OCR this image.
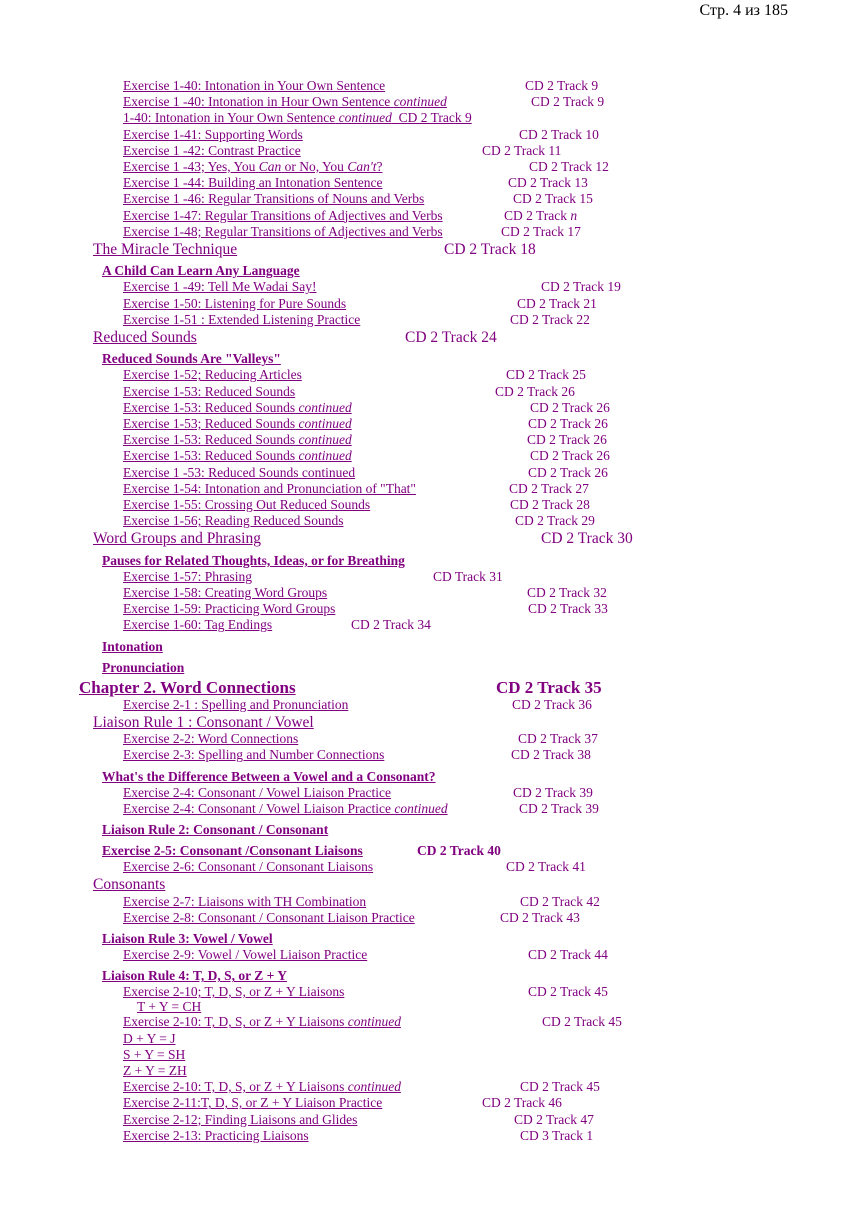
Стр. 4 из 185
Exercise 1-40: Intonation in Your Own Sentence	CD 2 Track 9
Exercise 1 -40: Intonation in Hour Own Sentence continued	CD 2 Track 9
1-40: Intonation in Your Own Sentence continued CD 2 Track 9
Exercise 1-41: Supporting Words	CD 2 Track 10
Exercise 1 -42: Contrast Practice	CD 2 Track 11
Exercise 1 -43; Yes, You Can or No, You Can't?	CD 2 Track 12
Exercise 1 -44: Building an Intonation Sentence	CD 2 Track 13
Exercise 1 -46: Regular Transitions of Nouns and Verbs	CD 2 Track 15
Exercise 1-47: Regular Transitions of Adjectives and Verbs	CD 2 Track n
Exercise 1-48; Regular Transitions of Adjectives and Verbs	CD 2 Track 17
The Miracle Technique	CD 2 Track 18
A Child Can Learn Any Language
Exercise 1 -49: Tell Me Wədai Say!	CD 2 Track 19
Exercise 1-50: Listening for Pure Sounds	CD 2 Track 21
Exercise 1-51 : Extended Listening Practice	CD 2 Track 22
Reduced Sounds	CD 2 Track 24
Reduced Sounds Are "Valleys"
Exercise 1-52; Reducing Articles	CD 2 Track 25
Exercise 1-53: Reduced Sounds	CD 2 Track 26
Exercise 1-53: Reduced Sounds continued	CD 2 Track 26
Exercise 1-53; Reduced Sounds continued	CD 2 Track 26
Exercise 1-53: Reduced Sounds continued	CD 2 Track 26
Exercise 1-53: Reduced Sounds continued	CD 2 Track 26
Exercise 1 -53: Reduced Sounds continued	CD 2 Track 26
Exercise 1-54: Intonation and Pronunciation of "That"	CD 2 Track 27
Exercise 1-55: Crossing Out Reduced Sounds	CD 2 Track 28
Exercise 1-56; Reading Reduced Sounds	CD 2 Track 29
Word Groups and Phrasing	CD 2 Track 30
Pauses for Related Thoughts, Ideas, or for Breathing
Exercise 1-57: Phrasing	CD Track 31
Exercise 1-58: Creating Word Groups	CD 2 Track 32
Exercise 1-59: Practicing Word Groups	CD 2 Track 33
Exercise 1-60: Tag Endings	CD 2 Track 34
Intonation
Pronunciation
Chapter 2. Word Connections	CD 2 Track 35
Exercise 2-1 : Spelling and Pronunciation	CD 2 Track 36
Liaison Rule 1 : Consonant / Vowel
Exercise 2-2: Word Connections	CD 2 Track 37
Exercise 2-3: Spelling and Number Connections	CD 2 Track 38
What's the Difference Between a Vowel and a Consonant?
Exercise 2-4: Consonant / Vowel Liaison Practice	CD 2 Track 39
Exercise 2-4: Consonant / Vowel Liaison Practice continued	CD 2 Track 39
Liaison Rule 2: Consonant / Consonant
Exercise 2-5: Consonant /Consonant Liaisons	CD 2 Track 40
Exercise 2-6: Consonant / Consonant Liaisons	CD 2 Track 41
Consonants
Exercise 2-7: Liaisons with TH Combination	CD 2 Track 42
Exercise 2-8: Consonant / Consonant Liaison Practice	CD 2 Track 43
Liaison Rule 3: Vowel / Vowel
Exercise 2-9: Vowel / Vowel Liaison Practice	CD 2 Track 44
Liaison Rule 4: T, D, S, or Z + Y
Exercise 2-10; T, D, S, or Z + Y Liaisons	CD 2 Track 45
T + Y = CH
Exercise 2-10: T, D, S, or Z + Y Liaisons continued	CD 2 Track 45
D + Y = J
S + Y = SH
Z + Y = ZH
Exercise 2-10: T, D, S, or Z + Y Liaisons continued	CD 2 Track 45
Exercise 2-11:T, D, S, or Z + Y Liaison Practice	CD 2 Track 46
Exercise 2-12; Finding Liaisons and Glides	CD 2 Track 47
Exercise 2-13: Practicing Liaisons	CD 3 Track 1
